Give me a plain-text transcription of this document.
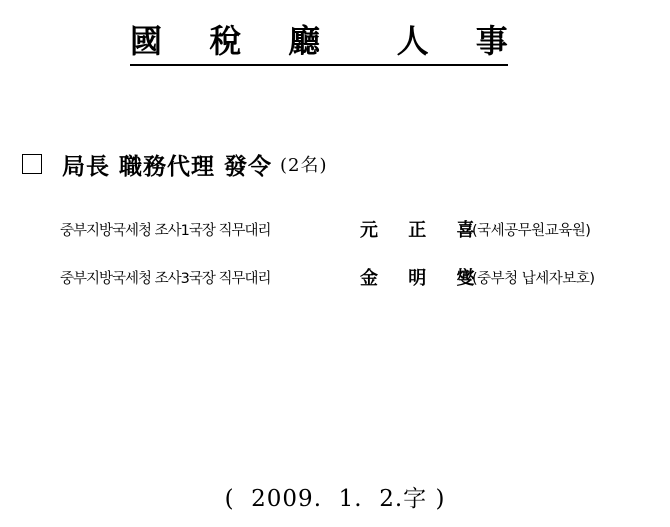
國 稅 廳  人 事
局長 職務代理 發令 (2名)
중부지방국세청 조사1국장 직무대리	元 正 喜
(국세공무원교육원)
중부지방국세청 조사3국장 직무대리	金 明 燮
(중부청 납세자보호)
(  2009.  1.  2.字 )
